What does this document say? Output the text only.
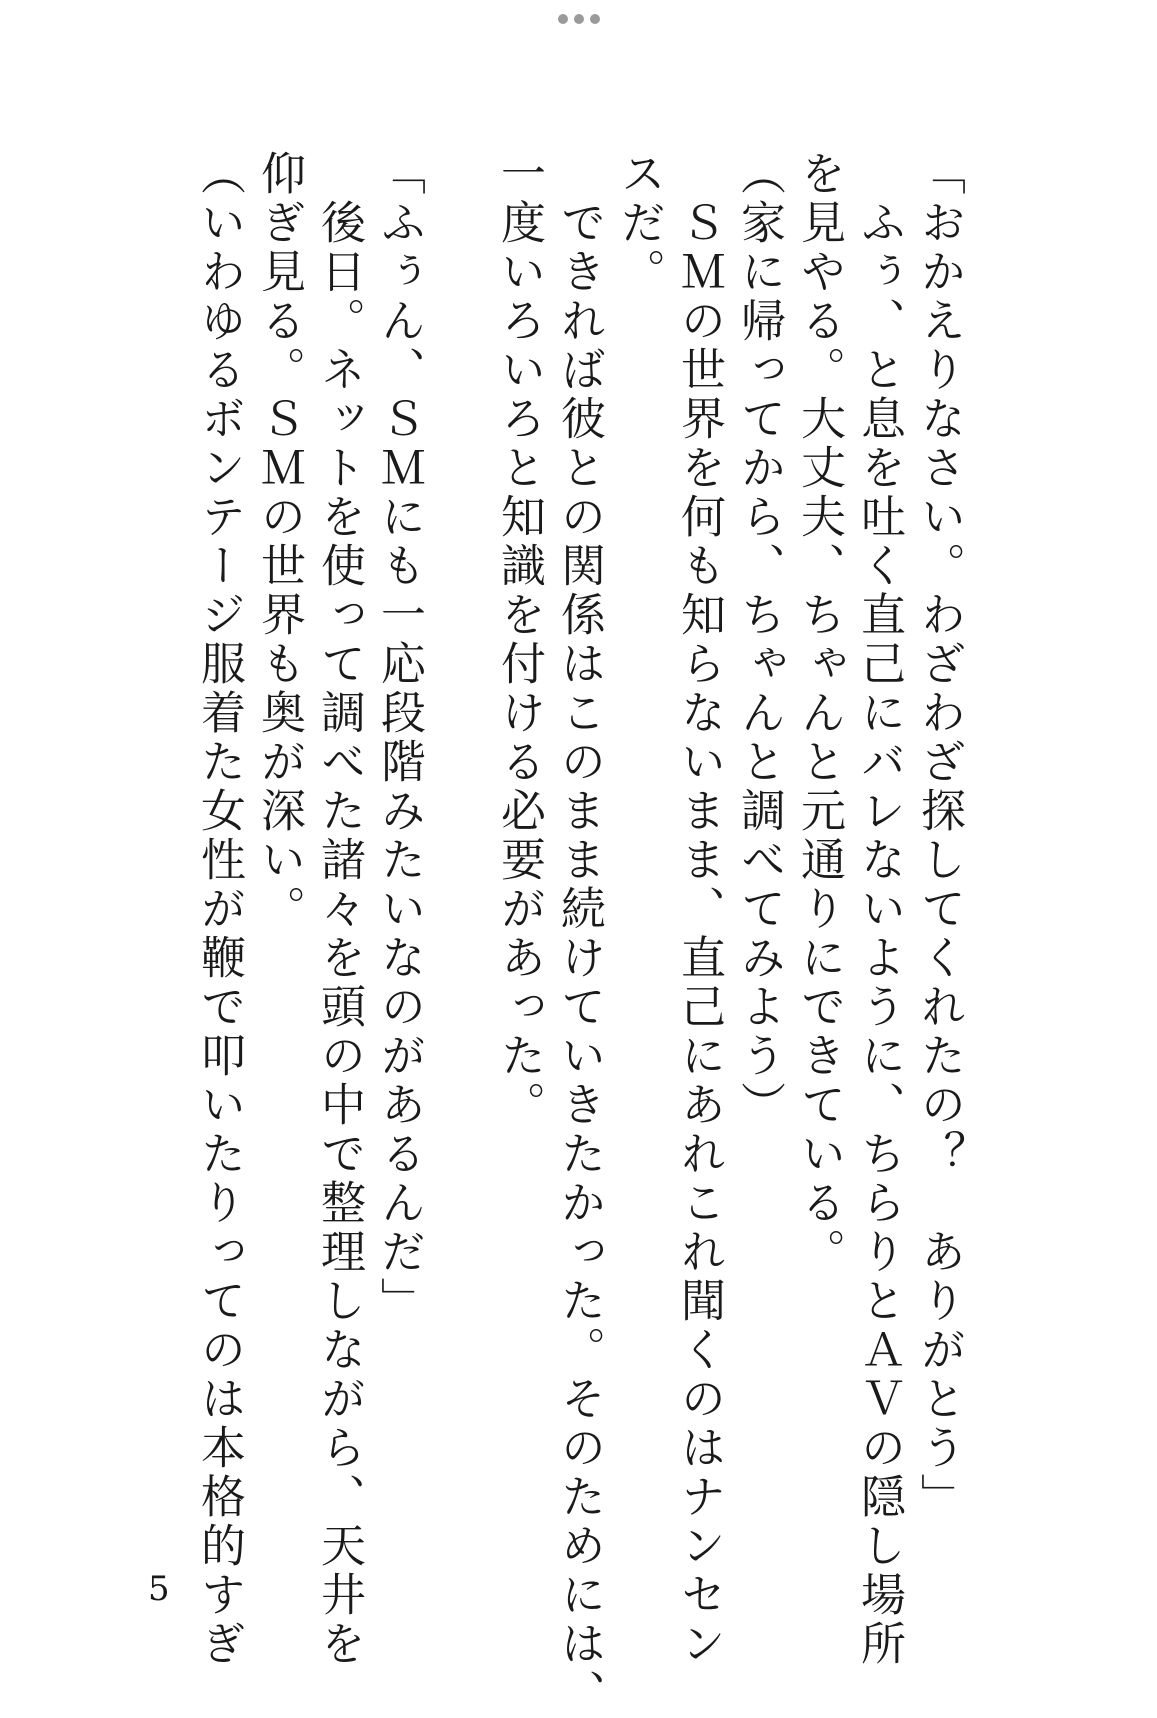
「おかえりなさい。わざわざ探してくれたの？　ありがとう」
　ふぅ、と息を吐く直己にバレないように、ちらりとＡＶの隠し場所
を見やる。大丈夫、ちゃんと元通りにできている。
（家に帰ってから、ちゃんと調べてみよう）
　ＳＭの世界を何も知らないまま、直己にあれこれ聞くのはナンセン
スだ。
　できれば彼との関係はこのまま続けていきたかった。そのためには、
一度いろいろと知識を付ける必要があった。
「ふぅん、ＳＭにも一応段階みたいなのがあるんだ」
　後日。ネットを使って調べた諸々を頭の中で整理しながら、天井を
仰ぎ見る。ＳＭの世界も奥が深い。
（いわゆるボンテージ服着た女性が鞭で叩いたりってのは本格的すぎ
5
